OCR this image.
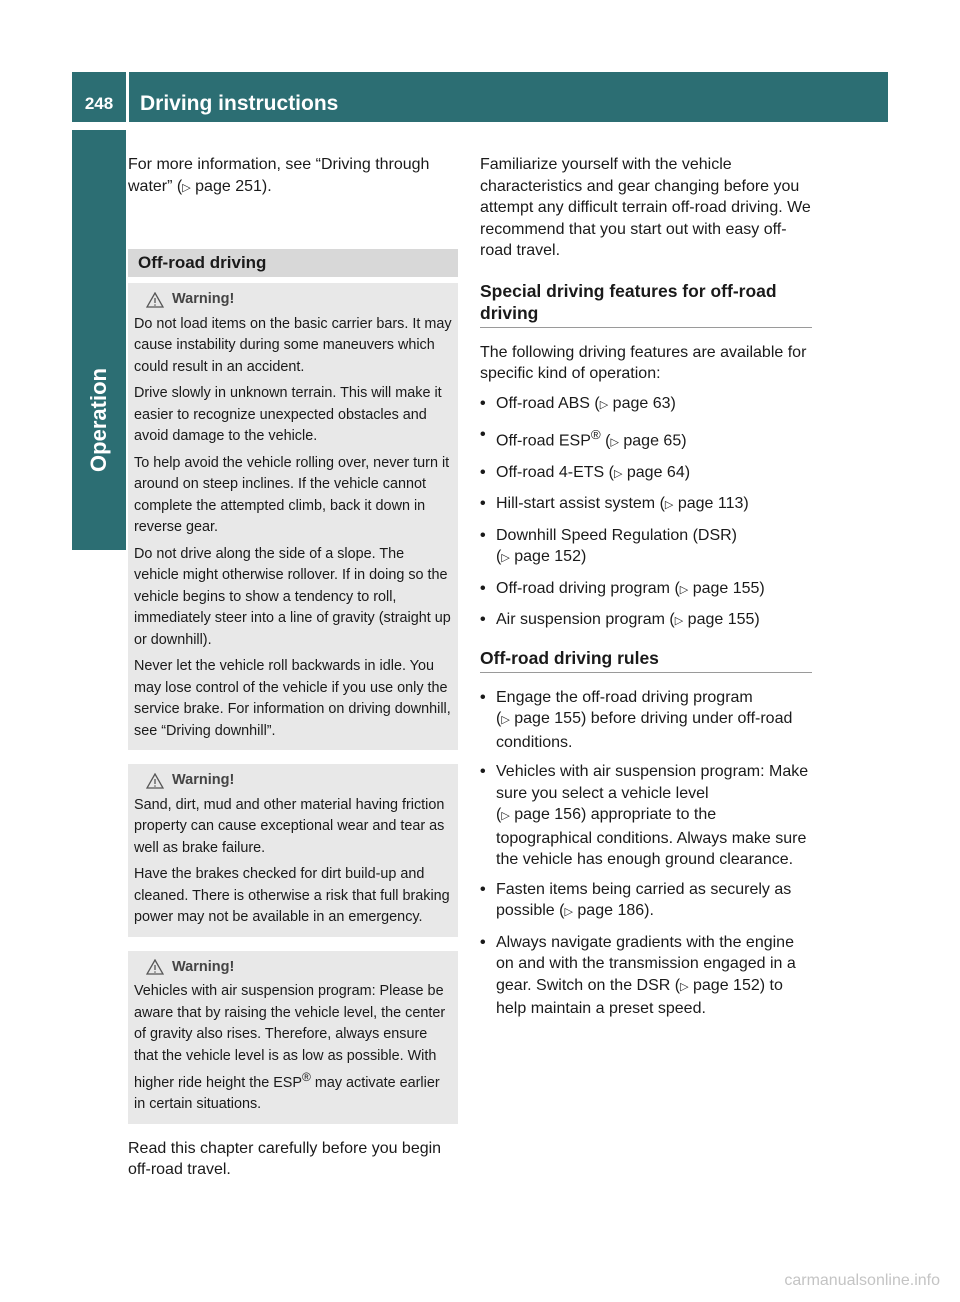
248	Driving instructions
Operation

For more information, see “Driving through water” (▷ page 251).

Off-road driving
Warning!

Do not load items on the basic carrier bars. It may cause instability during some maneuvers which could result in an accident.

Drive slowly in unknown terrain. This will make it easier to recognize unexpected obstacles and avoid damage to the vehicle.

To help avoid the vehicle rolling over, never turn it around on steep inclines. If the vehicle cannot complete the attempted climb, back it down in reverse gear.

Do not drive along the side of a slope. The vehicle might otherwise rollover. If in doing so the vehicle begins to show a tendency to roll, immediately steer into a line of gravity (straight up or downhill).

Never let the vehicle roll backwards in idle. You may lose control of the vehicle if you use only the service brake. For information on driving downhill, see “Driving downhill”.

Warning!

Sand, dirt, mud and other material having friction property can cause exceptional wear and tear as well as brake failure.

Have the brakes checked for dirt build-up and cleaned. There is otherwise a risk that full braking power may not be available in an emergency.

Warning!

Vehicles with air suspension program: Please be aware that by raising the vehicle level, the center of gravity also rises. Therefore, always ensure that the vehicle level is as low as possible. With higher ride height the ESP® may activate earlier in certain situations.

Read this chapter carefully before you begin off-road travel.

Familiarize yourself with the vehicle characteristics and gear changing before you attempt any difficult terrain off-road driving. We recommend that you start out with easy off-road travel.

Special driving features for off-road driving

The following driving features are available for specific kind of operation:

• Off-road ABS (▷ page 63)
• Off-road ESP® (▷ page 65)
• Off-road 4-ETS (▷ page 64)
• Hill-start assist system (▷ page 113)
• Downhill Speed Regulation (DSR)
(▷ page 152)
• Off-road driving program (▷ page 155)
• Air suspension program (▷ page 155)
Off-road driving rules
• Engage the off-road driving program
(▷ page 155) before driving under off-road conditions.
• Vehicles with air suspension program: Make sure you select a vehicle level
(▷ page 156) appropriate to the topographical conditions. Always make sure the vehicle has enough ground clearance.
• Fasten items being carried as securely as possible (▷ page 186).
• Always navigate gradients with the engine on and with the transmission engaged in a gear. Switch on the DSR (▷ page 152) to help maintain a preset speed.
carmanualsonline.info
